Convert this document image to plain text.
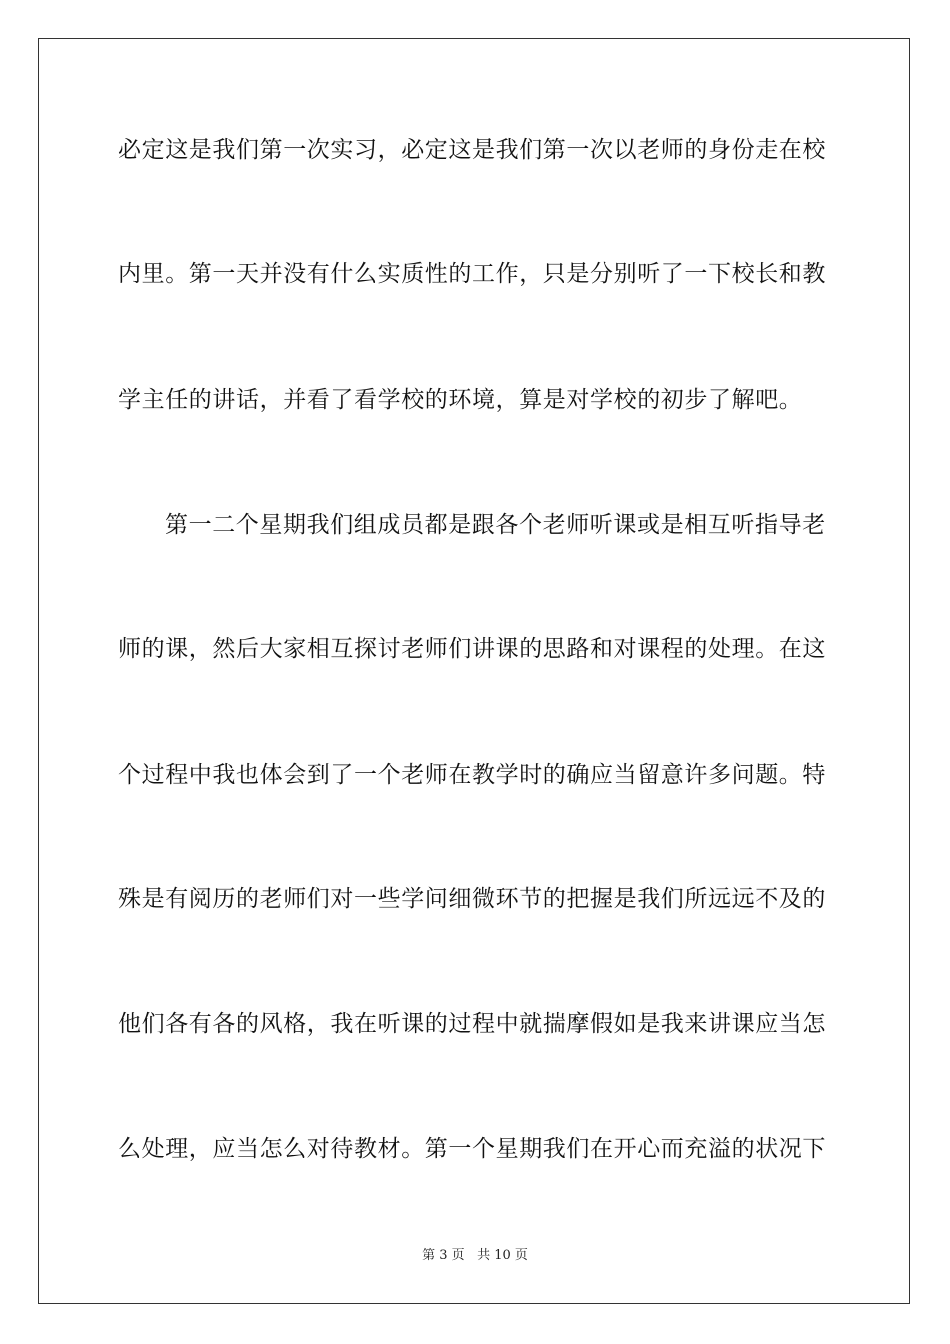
必定这是我们第一次实习，必定这是我们第一次以老师的身份走在校
内里。第一天并没有什么实质性的工作，只是分别听了一下校长和教
学主任的讲话，并看了看学校的环境，算是对学校的初步了解吧。
第一二个星期我们组成员都是跟各个老师听课或是相互听指导老
师的课，然后大家相互探讨老师们讲课的思路和对课程的处理。在这
个过程中我也体会到了一个老师在教学时的确应当留意许多问题。特
殊是有阅历的老师们对一些学问细微环节的把握是我们所远远不及的
他们各有各的风格，我在听课的过程中就揣摩假如是我来讲课应当怎
么处理，应当怎么对待教材。第一个星期我们在开心而充溢的状况下
第 3 页 共 10 页
